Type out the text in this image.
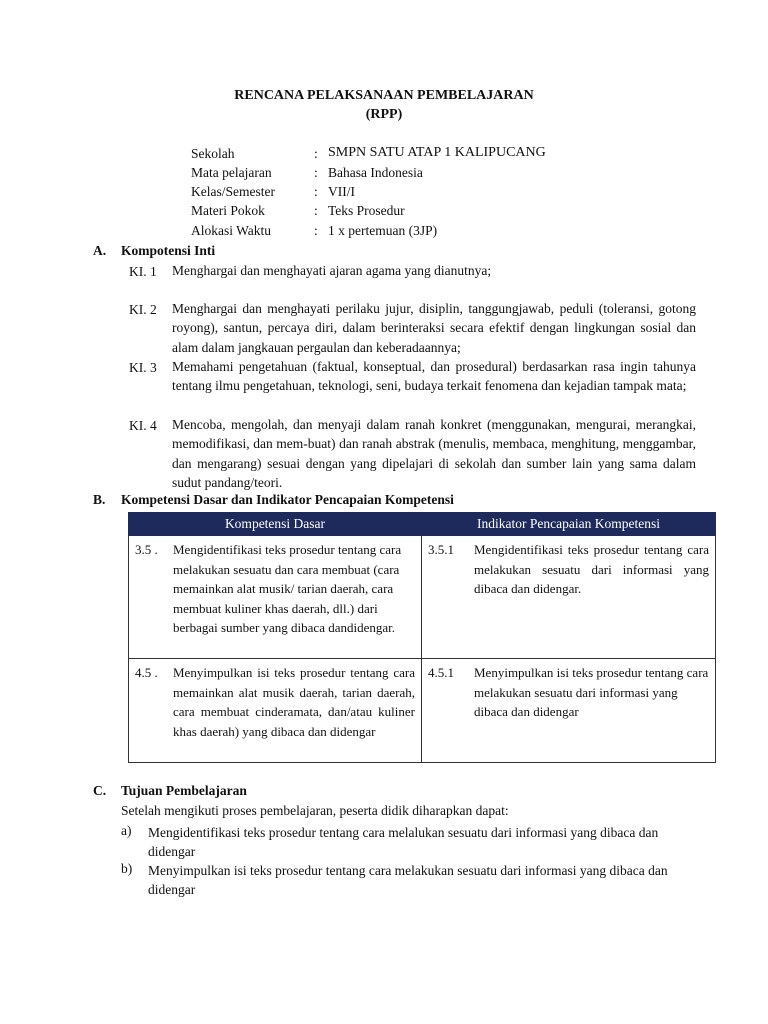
RENCANA PELAKSANAAN PEMBELAJARAN
(RPP)
Sekolah	: SMPN SATU ATAP 1 KALIPUCANG
Mata pelajaran	: Bahasa Indonesia
Kelas/Semester	: VII/I
Materi Pokok	: Teks Prosedur
Alokasi Waktu	: 1 x pertemuan (3JP)
A. Kompotensi Inti
KI. 1 Menghargai dan menghayati ajaran agama yang dianutnya;
KI. 2 Menghargai dan menghayati perilaku jujur, disiplin, tanggungjawab, peduli (toleransi, gotong royong), santun, percaya diri, dalam berinteraksi secara efektif dengan lingkungan sosial dan alam dalam jangkauan pergaulan dan keberadaannya;
KI. 3 Memahami pengetahuan (faktual, konseptual, dan prosedural) berdasarkan rasa ingin tahunya tentang ilmu pengetahuan, teknologi, seni, budaya terkait fenomena dan kejadian tampak mata;
KI. 4 Mencoba, mengolah, dan menyaji dalam ranah konkret (menggunakan, mengurai, merangkai, memodifikasi, dan mem-buat) dan ranah abstrak (menulis, membaca, menghitung, menggambar, dan mengarang) sesuai dengan yang dipelajari di sekolah dan sumber lain yang sama dalam sudut pandang/teori.
B. Kompetensi Dasar dan Indikator Pencapaian Kompetensi
Kompetensi Dasar	Indikator Pencapaian Kompetensi

3.5 . Mengidentifikasi teks prosedur tentang cara melakukan sesuatu dan cara membuat (cara memainkan alat musik/ tarian daerah, cara membuat kuliner khas daerah, dll.) dari berbagai sumber yang dibaca dandidengar.	3.5.1 Mengidentifikasi teks prosedur tentang cara melakukan sesuatu dari informasi yang dibaca dan didengar.

4.5 . Menyimpulkan isi teks prosedur tentang cara memainkan alat musik daerah, tarian daerah, cara membuat cinderamata, dan/atau kuliner khas daerah) yang dibaca dan didengar	4.5.1 Menyimpulkan isi teks prosedur tentang cara melakukan sesuatu dari informasi yang dibaca dan didengar
C. Tujuan Pembelajaran
Setelah mengikuti proses pembelajaran, peserta didik diharapkan dapat:
a) Mengidentifikasi teks prosedur tentang cara melalukan sesuatu dari informasi yang dibaca dan didengar
b) Menyimpulkan isi teks prosedur tentang cara melakukan sesuatu dari informasi yang dibaca dan didengar
